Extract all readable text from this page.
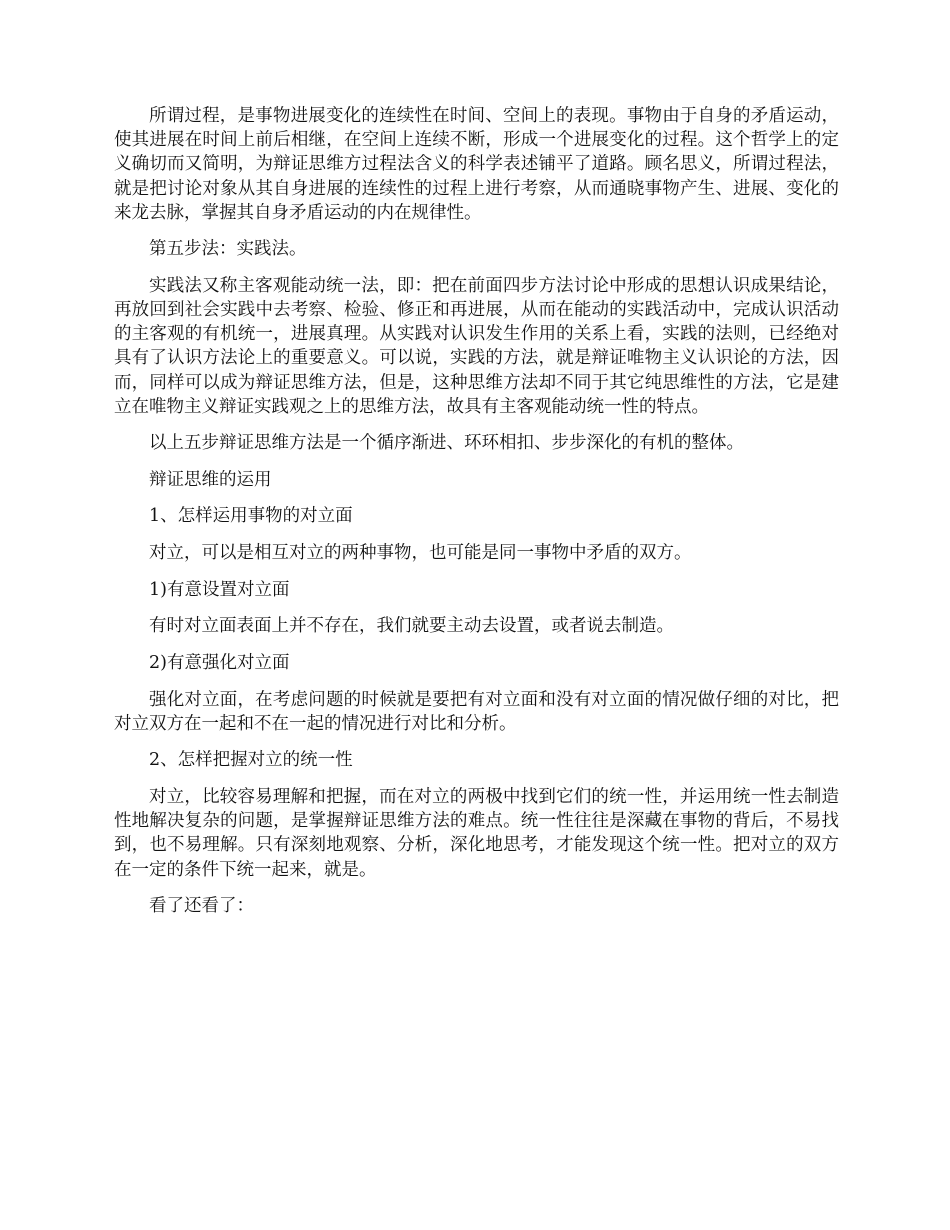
所谓过程，是事物进展变化的连续性在时间、空间上的表现。事物由于自身的矛盾运动，使其进展在时间上前后相继，在空间上连续不断，形成一个进展变化的过程。这个哲学上的定义确切而又简明，为辩证思维方过程法含义的科学表述铺平了道路。顾名思义，所谓过程法，就是把讨论对象从其自身进展的连续性的过程上进行考察，从而通晓事物产生、进展、变化的来龙去脉，掌握其自身矛盾运动的内在规律性。

第五步法：实践法。

实践法又称主客观能动统一法，即：把在前面四步方法讨论中形成的思想认识成果结论，再放回到社会实践中去考察、检验、修正和再进展，从而在能动的实践活动中，完成认识活动的主客观的有机统一，进展真理。从实践对认识发生作用的关系上看，实践的法则，已经绝对具有了认识方法论上的重要意义。可以说，实践的方法，就是辩证唯物主义认识论的方法，因而，同样可以成为辩证思维方法，但是，这种思维方法却不同于其它纯思维性的方法，它是建立在唯物主义辩证实践观之上的思维方法，故具有主客观能动统一性的特点。

以上五步辩证思维方法是一个循序渐进、环环相扣、步步深化的有机的整体。

辩证思维的运用

1、怎样运用事物的对立面

对立，可以是相互对立的两种事物，也可能是同一事物中矛盾的双方。

1)有意设置对立面

有时对立面表面上并不存在，我们就要主动去设置，或者说去制造。

2)有意强化对立面

强化对立面，在考虑问题的时候就是要把有对立面和没有对立面的情况做仔细的对比，把对立双方在一起和不在一起的情况进行对比和分析。

2、怎样把握对立的统一性

对立，比较容易理解和把握，而在对立的两极中找到它们的统一性，并运用统一性去制造性地解决复杂的问题，是掌握辩证思维方法的难点。统一性往往是深藏在事物的背后，不易找到，也不易理解。只有深刻地观察、分析，深化地思考，才能发现这个统一性。把对立的双方在一定的条件下统一起来，就是。

看了还看了：
